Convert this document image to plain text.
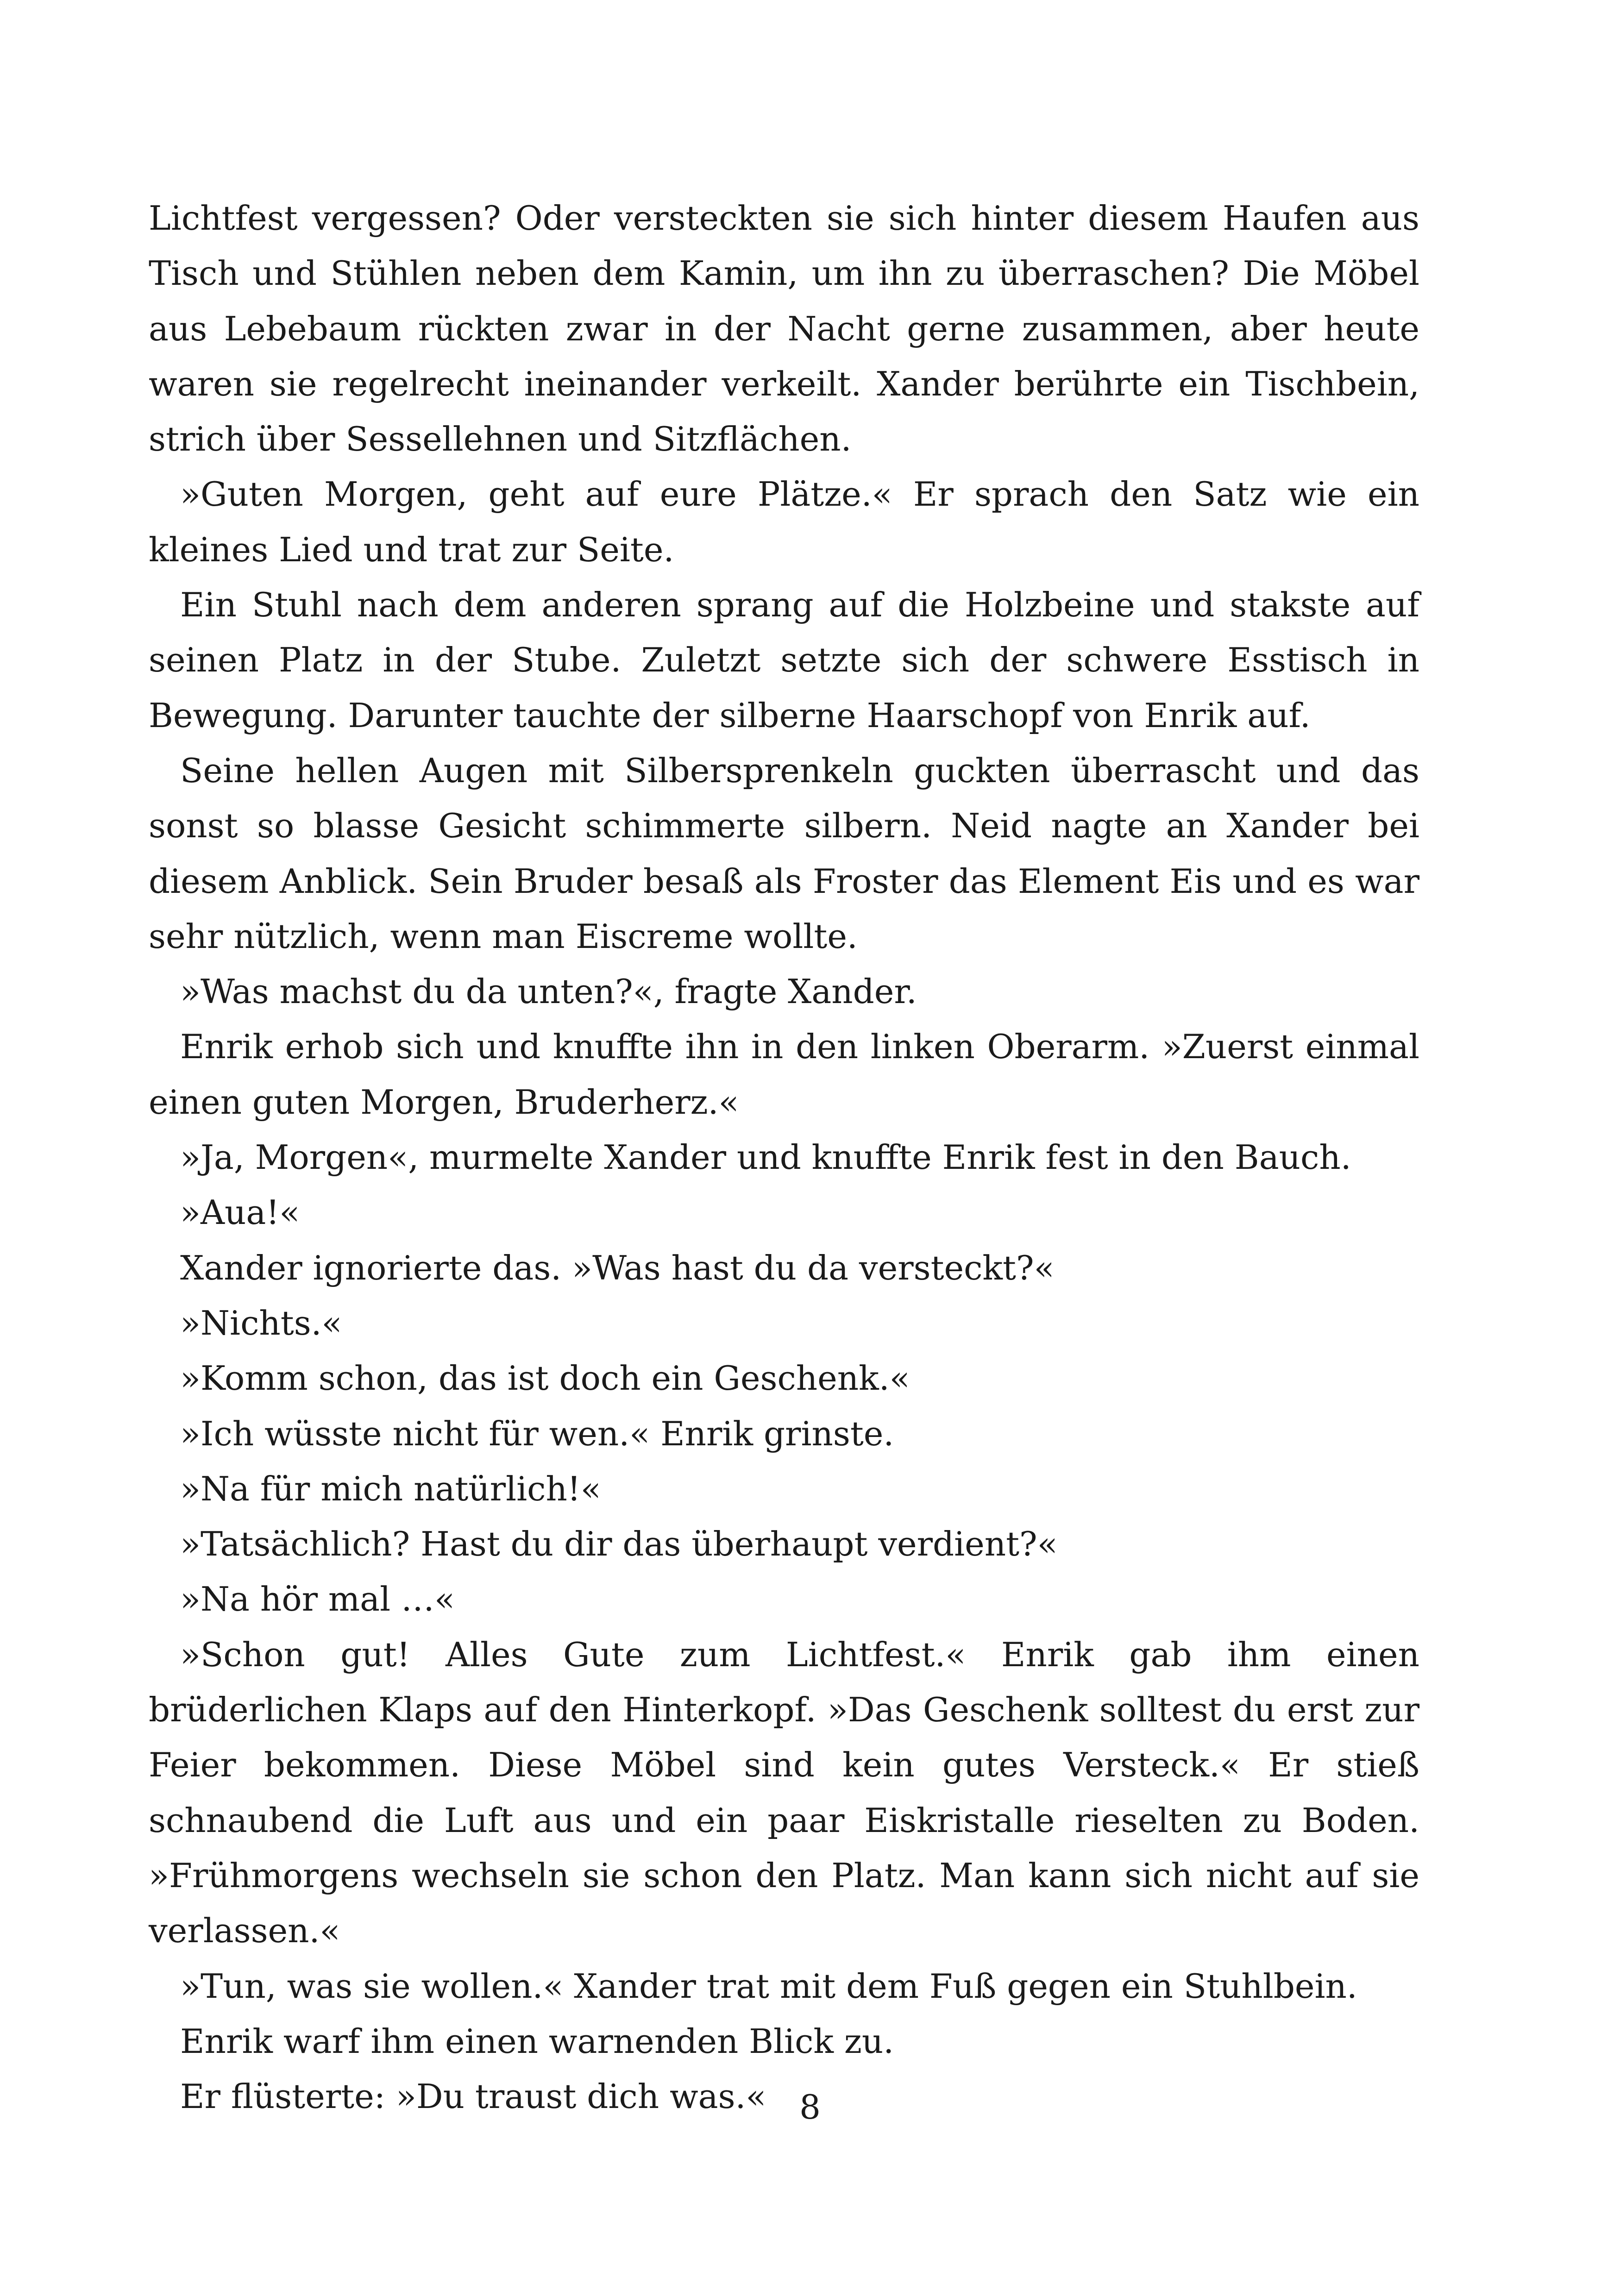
Lichtfest vergessen? Oder versteckten sie sich hinter diesem Haufen aus Tisch und Stühlen neben dem Kamin, um ihn zu überraschen? Die Möbel aus Lebebaum rückten zwar in der Nacht gerne zusammen, aber heute waren sie regelrecht ineinander verkeilt. Xander berührte ein Tischbein, strich über Sessellehnen und Sitzflächen.

»Guten Morgen, geht auf eure Plätze.« Er sprach den Satz wie ein kleines Lied und trat zur Seite.

Ein Stuhl nach dem anderen sprang auf die Holzbeine und stakste auf seinen Platz in der Stube. Zuletzt setzte sich der schwere Esstisch in Bewegung. Darunter tauchte der silberne Haarschopf von Enrik auf.

Seine hellen Augen mit Silbersprenkeln guckten überrascht und das sonst so blasse Gesicht schimmerte silbern. Neid nagte an Xander bei diesem Anblick. Sein Bruder besaß als Froster das Element Eis und es war sehr nützlich, wenn man Eiscreme wollte.

»Was machst du da unten?«, fragte Xander.

Enrik erhob sich und knuffte ihn in den linken Oberarm. »Zuerst einmal einen guten Morgen, Bruderherz.«

»Ja, Morgen«, murmelte Xander und knuffte Enrik fest in den Bauch.

»Aua!«

Xander ignorierte das. »Was hast du da versteckt?«

»Nichts.«

»Komm schon, das ist doch ein Geschenk.«

»Ich wüsste nicht für wen.« Enrik grinste.

»Na für mich natürlich!«

»Tatsächlich? Hast du dir das überhaupt verdient?«

»Na hör mal …«

»Schon gut! Alles Gute zum Lichtfest.« Enrik gab ihm einen brüderlichen Klaps auf den Hinterkopf. »Das Geschenk solltest du erst zur Feier bekommen. Diese Möbel sind kein gutes Versteck.« Er stieß schnaubend die Luft aus und ein paar Eiskristalle rieselten zu Boden. »Frühmorgens wechseln sie schon den Platz. Man kann sich nicht auf sie verlassen.«

»Tun, was sie wollen.« Xander trat mit dem Fuß gegen ein Stuhlbein.

Enrik warf ihm einen warnenden Blick zu.

Er flüsterte: »Du traust dich was.« 8
